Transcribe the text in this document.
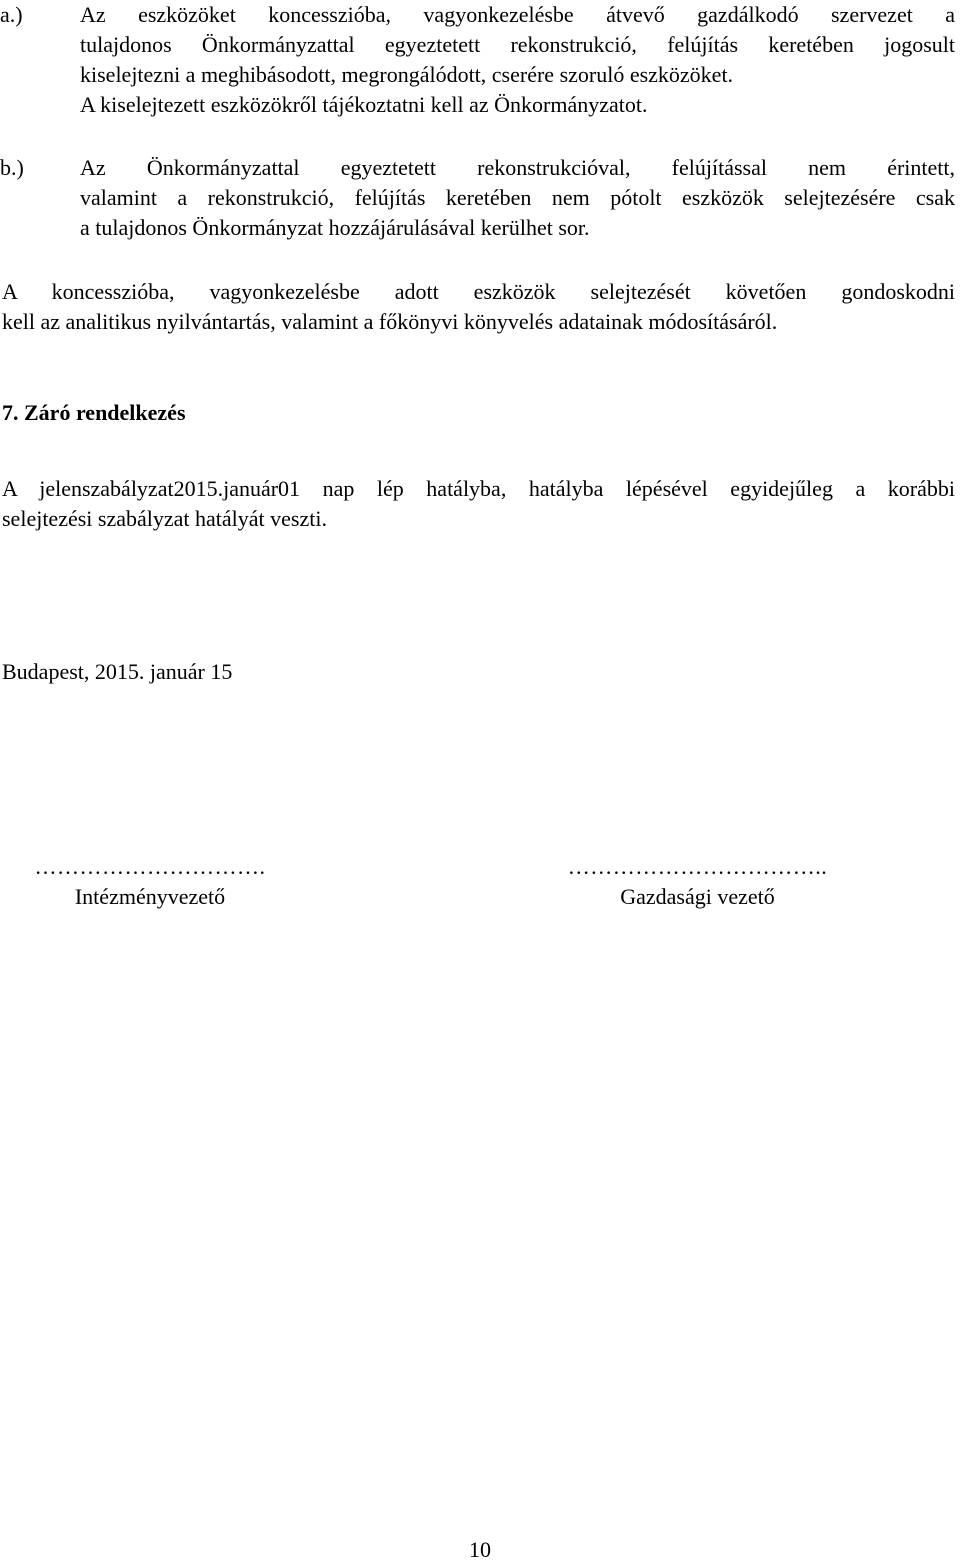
a.)	Az eszközöket koncesszióba, vagyonkezelésbe átvevő gazdálkodó szervezet a
tulajdonos Önkormányzattal egyeztetett rekonstrukció, felújítás keretében jogosult
kiselejtezni a meghibásodott, megrongálódott, cserére szoruló eszközöket.
A kiselejtezett eszközökről tájékoztatni kell az Önkormányzatot.
b.)	Az Önkormányzattal egyeztetett rekonstrukcióval, felújítással nem érintett,
valamint a rekonstrukció, felújítás keretében nem pótolt eszközök selejtezésére csak
a tulajdonos Önkormányzat hozzájárulásával kerülhet sor.
A koncesszióba, vagyonkezelésbe adott eszközök selejtezését követően gondoskodni
kell az analitikus nyilvántartás, valamint a főkönyvi könyvelés adatainak módosításáról.
7. Záró rendelkezés
A jelenszabályzat2015.január01 nap lép hatályba, hatályba lépésével egyidejűleg a korábbi
selejtezési szabályzat hatályát veszti.
Budapest, 2015. január 15
………………………….
Intézményvezető
……………………………..
Gazdasági vezető
10
